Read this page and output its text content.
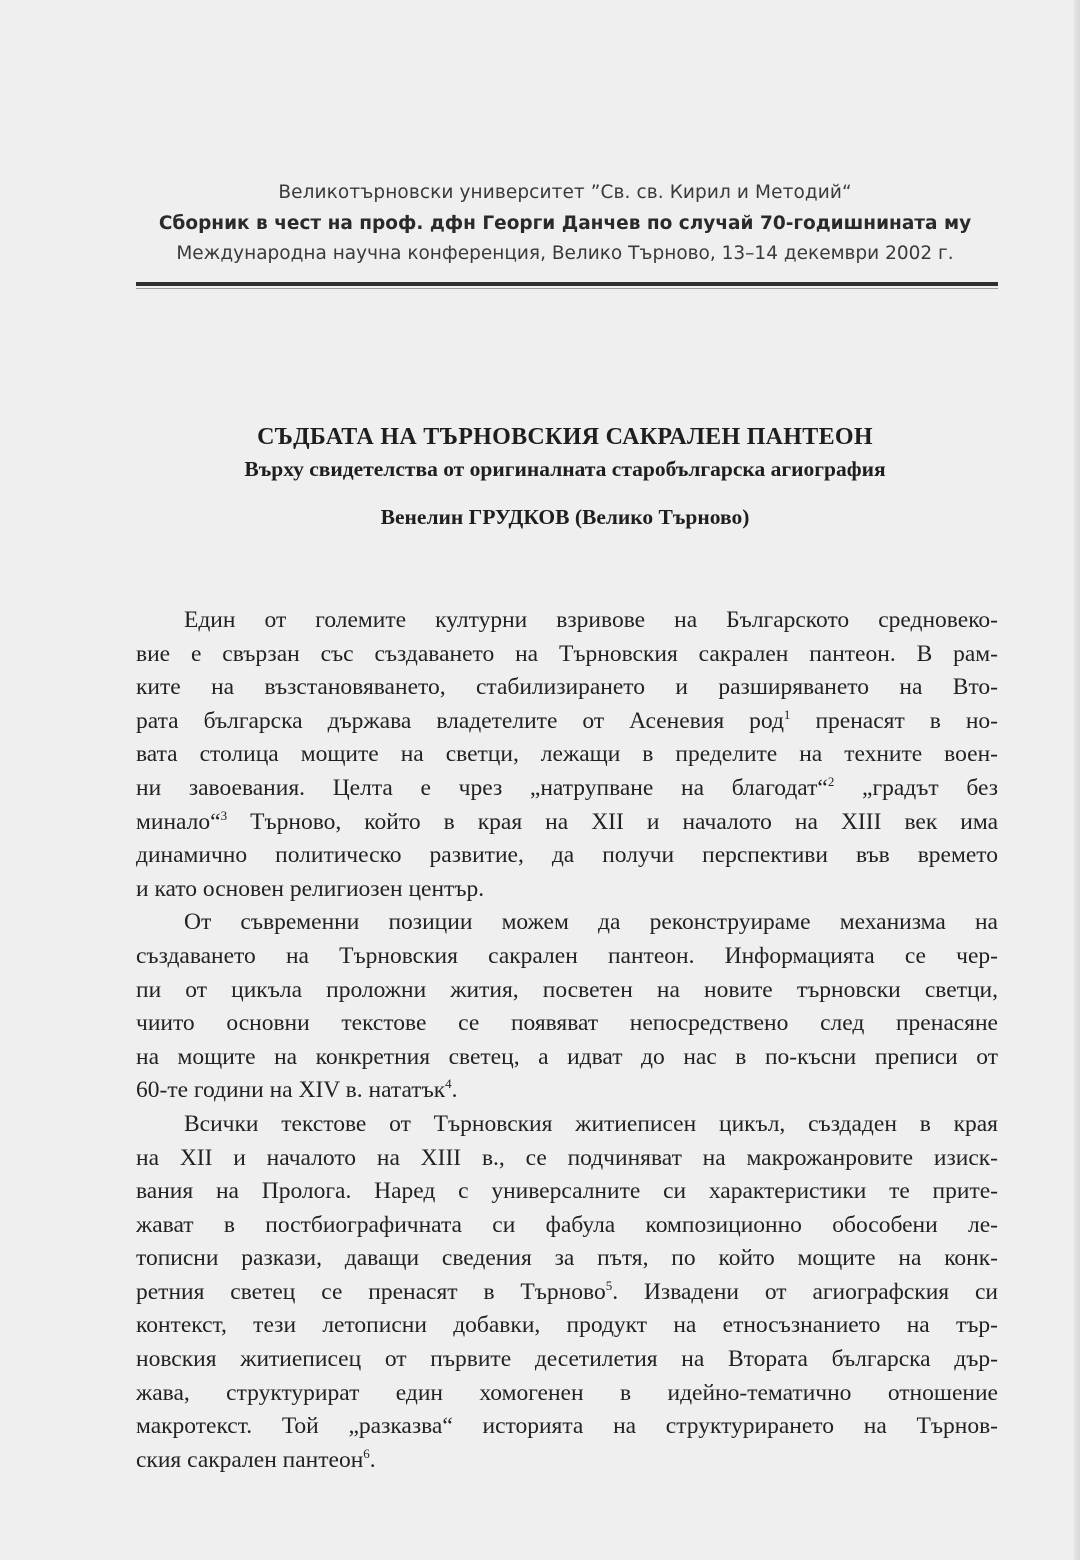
Великотърновски университет ”Св. св. Кирил и Методий“
Сборник в чест на проф. дфн Георги Данчев по случай 70-годишнината му
Международна научна конференция, Велико Търново, 13–14 декември 2002 г.
СЪДБАТА НА ТЪРНОВСКИЯ САКРАЛЕН ПАНТЕОН
Върху свидетелства от оригиналната старобългарска агиография
Венелин ГРУДКОВ (Велико Търново)

Един от големите културни взривове на Българското средновеко-
вие е свързан със създаването на Търновския сакрален пантеон. В рам-
ките на възстановяването, стабилизирането и разширяването на Вто-
рата българска държава владетелите от Асеневия род$^1$ пренасят в но-
вата столица мощите на светци, лежащи в пределите на техните воен-
ни завоевания. Целта е чрез „натрупване на благодат“$^2$ „градът без
минало“$^3$ Търново, който в края на XII и началото на XIII век има
динамично политическо развитие, да получи перспективи във времето
и като основен религиозен център.

От съвременни позиции можем да реконструираме механизма на
създаването на Търновския сакрален пантеон. Информацията се чер-
пи от цикъла проложни жития, посветен на новите търновски светци,
чиито основни текстове се появяват непосредствено след пренасяне
на мощите на конкретния светец, а идват до нас в по-късни преписи от
60-те години на XIV в. нататък$^4$.

Всички текстове от Търновския житиеписен цикъл, създаден в края
на XII и началото на XIII в., се подчиняват на макрожанровите изиск-
вания на Пролога. Наред с универсалните си характеристики те прите-
жават в постбиографичната си фабула композиционно обособени ле-
тописни разкази, даващи сведения за пътя, по който мощите на конк-
ретния светец се пренасят в Търново$^5$. Извадени от агиографския си
контекст, тези летописни добавки, продукт на етносъзнанието на тър-
новския житиеписец от първите десетилетия на Втората българска дър-
жава, структурират един хомогенен в идейно-тематично отношение
макротекст. Той „разказва“ историята на структурирането на Търнов-
ския сакрален пантеон$^6$.
